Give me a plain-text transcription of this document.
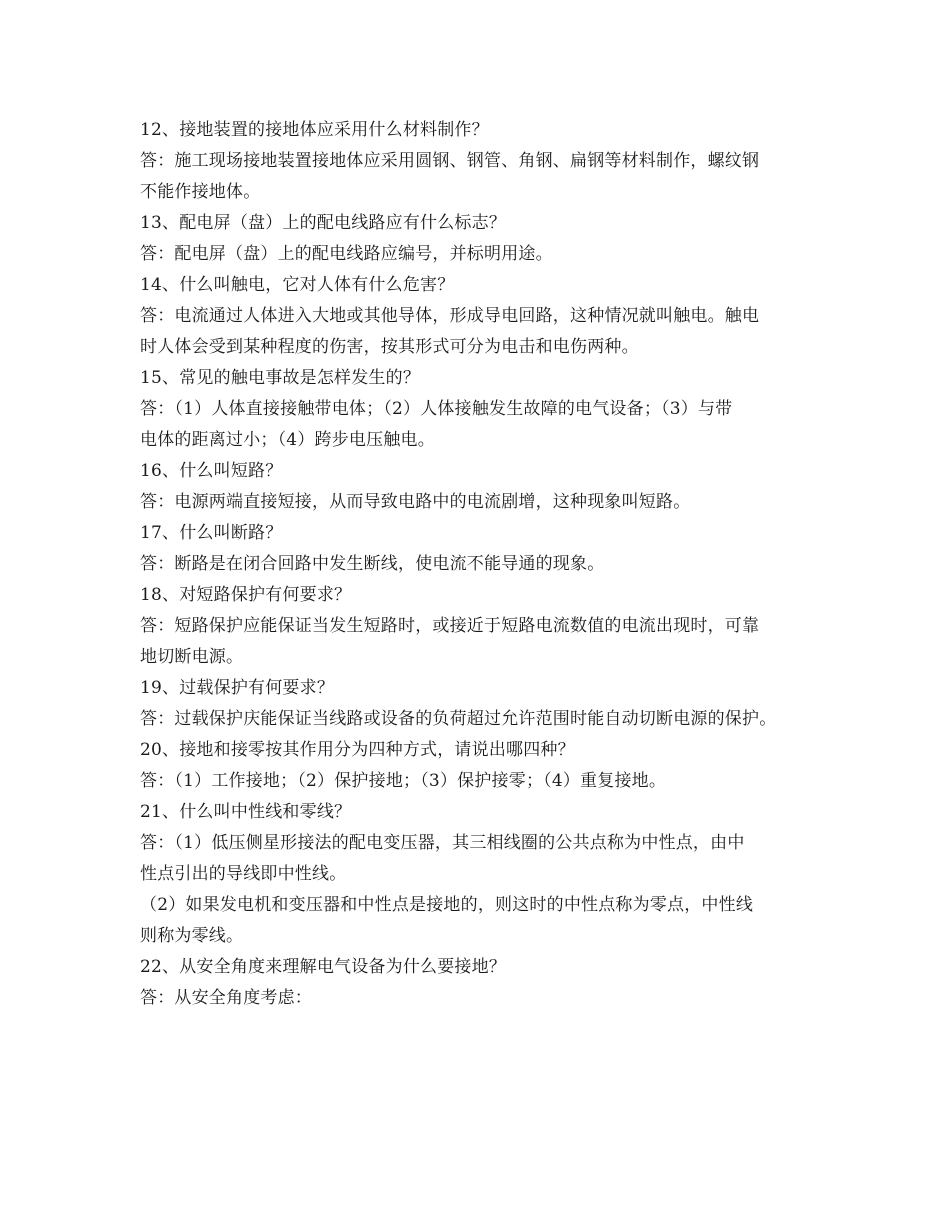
12、接地装置的接地体应采用什么材料制作？
答：施工现场接地装置接地体应采用圆钢、钢管、角钢、扁钢等材料制作，螺纹钢
不能作接地体。
13、配电屏（盘）上的配电线路应有什么标志？
答：配电屏（盘）上的配电线路应编号，并标明用途。
14、什么叫触电，它对人体有什么危害？
答：电流通过人体进入大地或其他导体，形成导电回路，这种情况就叫触电。触电
时人体会受到某种程度的伤害，按其形式可分为电击和电伤两种。
15、常见的触电事故是怎样发生的？
答：（1）人体直接接触带电体；（2）人体接触发生故障的电气设备；（3）与带
电体的距离过小；（4）跨步电压触电。
16、什么叫短路？
答：电源两端直接短接，从而导致电路中的电流剧增，这种现象叫短路。
17、什么叫断路？
答：断路是在闭合回路中发生断线，使电流不能导通的现象。
18、对短路保护有何要求？
答：短路保护应能保证当发生短路时，或接近于短路电流数值的电流出现时，可靠
地切断电源。
19、过载保护有何要求？
答：过载保护庆能保证当线路或设备的负荷超过允许范围时能自动切断电源的保护。
20、接地和接零按其作用分为四种方式，请说出哪四种？
答：（1）工作接地；（2）保护接地；（3）保护接零；（4）重复接地。
21、什么叫中性线和零线？
答：（1）低压侧星形接法的配电变压器，其三相线圈的公共点称为中性点，由中
性点引出的导线即中性线。
（2）如果发电机和变压器和中性点是接地的，则这时的中性点称为零点，中性线
则称为零线。
22、从安全角度来理解电气设备为什么要接地？
答：从安全角度考虑：
